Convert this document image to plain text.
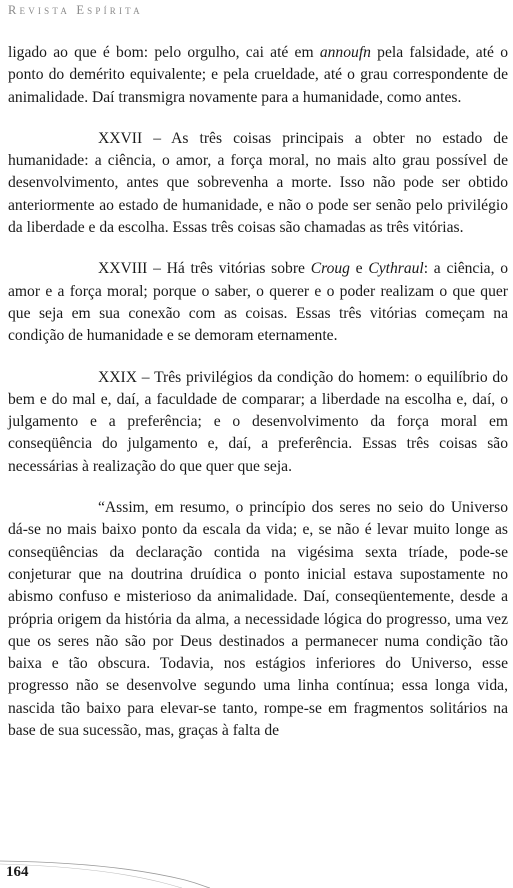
Revista Espírita

ligado ao que é bom: pelo orgulho, cai até em annoufn pela falsidade, até o ponto do demérito equivalente; e pela crueldade, até o grau correspondente de animalidade. Daí transmigra novamente para a humanidade, como antes.

XXVII – As três coisas principais a obter no estado de humanidade: a ciência, o amor, a força moral, no mais alto grau possível de desenvolvimento, antes que sobrevenha a morte. Isso não pode ser obtido anteriormente ao estado de humanidade, e não o pode ser senão pelo privilégio da liberdade e da escolha. Essas três coisas são chamadas as três vitórias.

XXVIII – Há três vitórias sobre Croug e Cythraul: a ciência, o amor e a força moral; porque o saber, o querer e o poder realizam o que quer que seja em sua conexão com as coisas. Essas três vitórias começam na condição de humanidade e se demoram eternamente.

XXIX – Três privilégios da condição do homem: o equilíbrio do bem e do mal e, daí, a faculdade de comparar; a liberdade na escolha e, daí, o julgamento e a preferência; e o desenvolvimento da força moral em conseqüência do julgamento e, daí, a preferência. Essas três coisas são necessárias à realização do que quer que seja.

“Assim, em resumo, o princípio dos seres no seio do Universo dá-se no mais baixo ponto da escala da vida; e, se não é levar muito longe as conseqüências da declaração contida na vigésima sexta tríade, pode-se conjeturar que na doutrina druídica o ponto inicial estava supostamente no abismo confuso e misterioso da animalidade. Daí, conseqüentemente, desde a própria origem da história da alma, a necessidade lógica do progresso, uma vez que os seres não são por Deus destinados a permanecer numa condição tão baixa e tão obscura. Todavia, nos estágios inferiores do Universo, esse progresso não se desenvolve segundo uma linha contínua; essa longa vida, nascida tão baixo para elevar-se tanto, rompe-se em fragmentos solitários na base de sua sucessão, mas, graças à falta de

164
